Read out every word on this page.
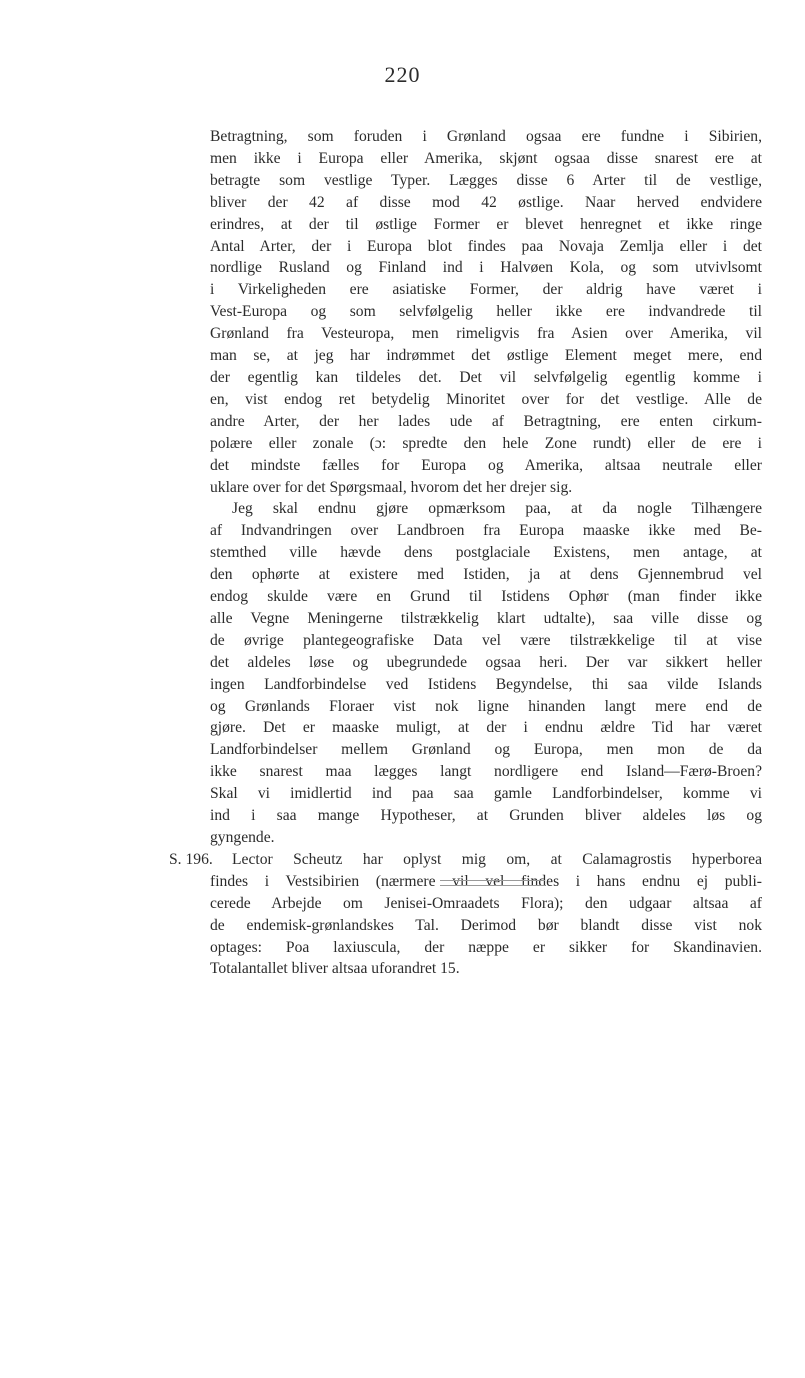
220
Betragtning, som foruden i Grønland ogsaa ere fundne i Sibirien,
men ikke i Europa eller Amerika, skjønt ogsaa disse snarest ere at
betragte som vestlige Typer. Lægges disse 6 Arter til de vestlige,
bliver der 42 af disse mod 42 østlige. Naar herved endvidere
erindres, at der til østlige Former er blevet henregnet et ikke ringe
Antal Arter, der i Europa blot findes paa Novaja Zemlja eller i det
nordlige Rusland og Finland ind i Halvøen Kola, og som utvivlsomt
i Virkeligheden ere asiatiske Former, der aldrig have været i
Vest-Europa og som selvfølgelig heller ikke ere indvandrede til
Grønland fra Vesteuropa, men rimeligvis fra Asien over Amerika, vil
man se, at jeg har indrømmet det østlige Element meget mere, end
der egentlig kan tildeles det. Det vil selvfølgelig egentlig komme i
en, vist endog ret betydelig Minoritet over for det vestlige. Alle de
andre Arter, der her lades ude af Betragtning, ere enten cirkum-
polære eller zonale (ɔ: spredte den hele Zone rundt) eller de ere i
det mindste fælles for Europa og Amerika, altsaa neutrale eller
uklare over for det Spørgsmaal, hvorom det her drejer sig.
Jeg skal endnu gjøre opmærksom paa, at da nogle Tilhængere
af Indvandringen over Landbroen fra Europa maaske ikke med Be-
stemthed ville hævde dens postglaciale Existens, men antage, at
den ophørte at existere med Istiden, ja at dens Gjennembrud vel
endog skulde være en Grund til Istidens Ophør (man finder ikke
alle Vegne Meningerne tilstrækkelig klart udtalte), saa ville disse og
de øvrige plantegeografiske Data vel være tilstrækkelige til at vise
det aldeles løse og ubegrundede ogsaa heri. Der var sikkert heller
ingen Landforbindelse ved Istidens Begyndelse, thi saa vilde Islands
og Grønlands Floraer vist nok ligne hinanden langt mere end de
gjøre. Det er maaske muligt, at der i endnu ældre Tid har været
Landforbindelser mellem Grønland og Europa, men mon de da
ikke snarest maa lægges langt nordligere end Island—Færø-Broen?
Skal vi imidlertid ind paa saa gamle Landforbindelser, komme vi
ind i saa mange Hypotheser, at Grunden bliver aldeles løs og
gyngende.
S. 196.	Lector Scheutz har oplyst mig om, at Calamagrostis hyperborea
findes i Vestsibirien (nærmere vil vel findes i hans endnu ej publi-
cerede Arbejde om Jenisei-Omraadets Flora); den udgaar altsaa af
de endemisk-grønlandskes Tal. Derimod bør blandt disse vist nok
optages: Poa laxiuscula, der næppe er sikker for Skandinavien.
Totalantallet bliver altsaa uforandret 15.
